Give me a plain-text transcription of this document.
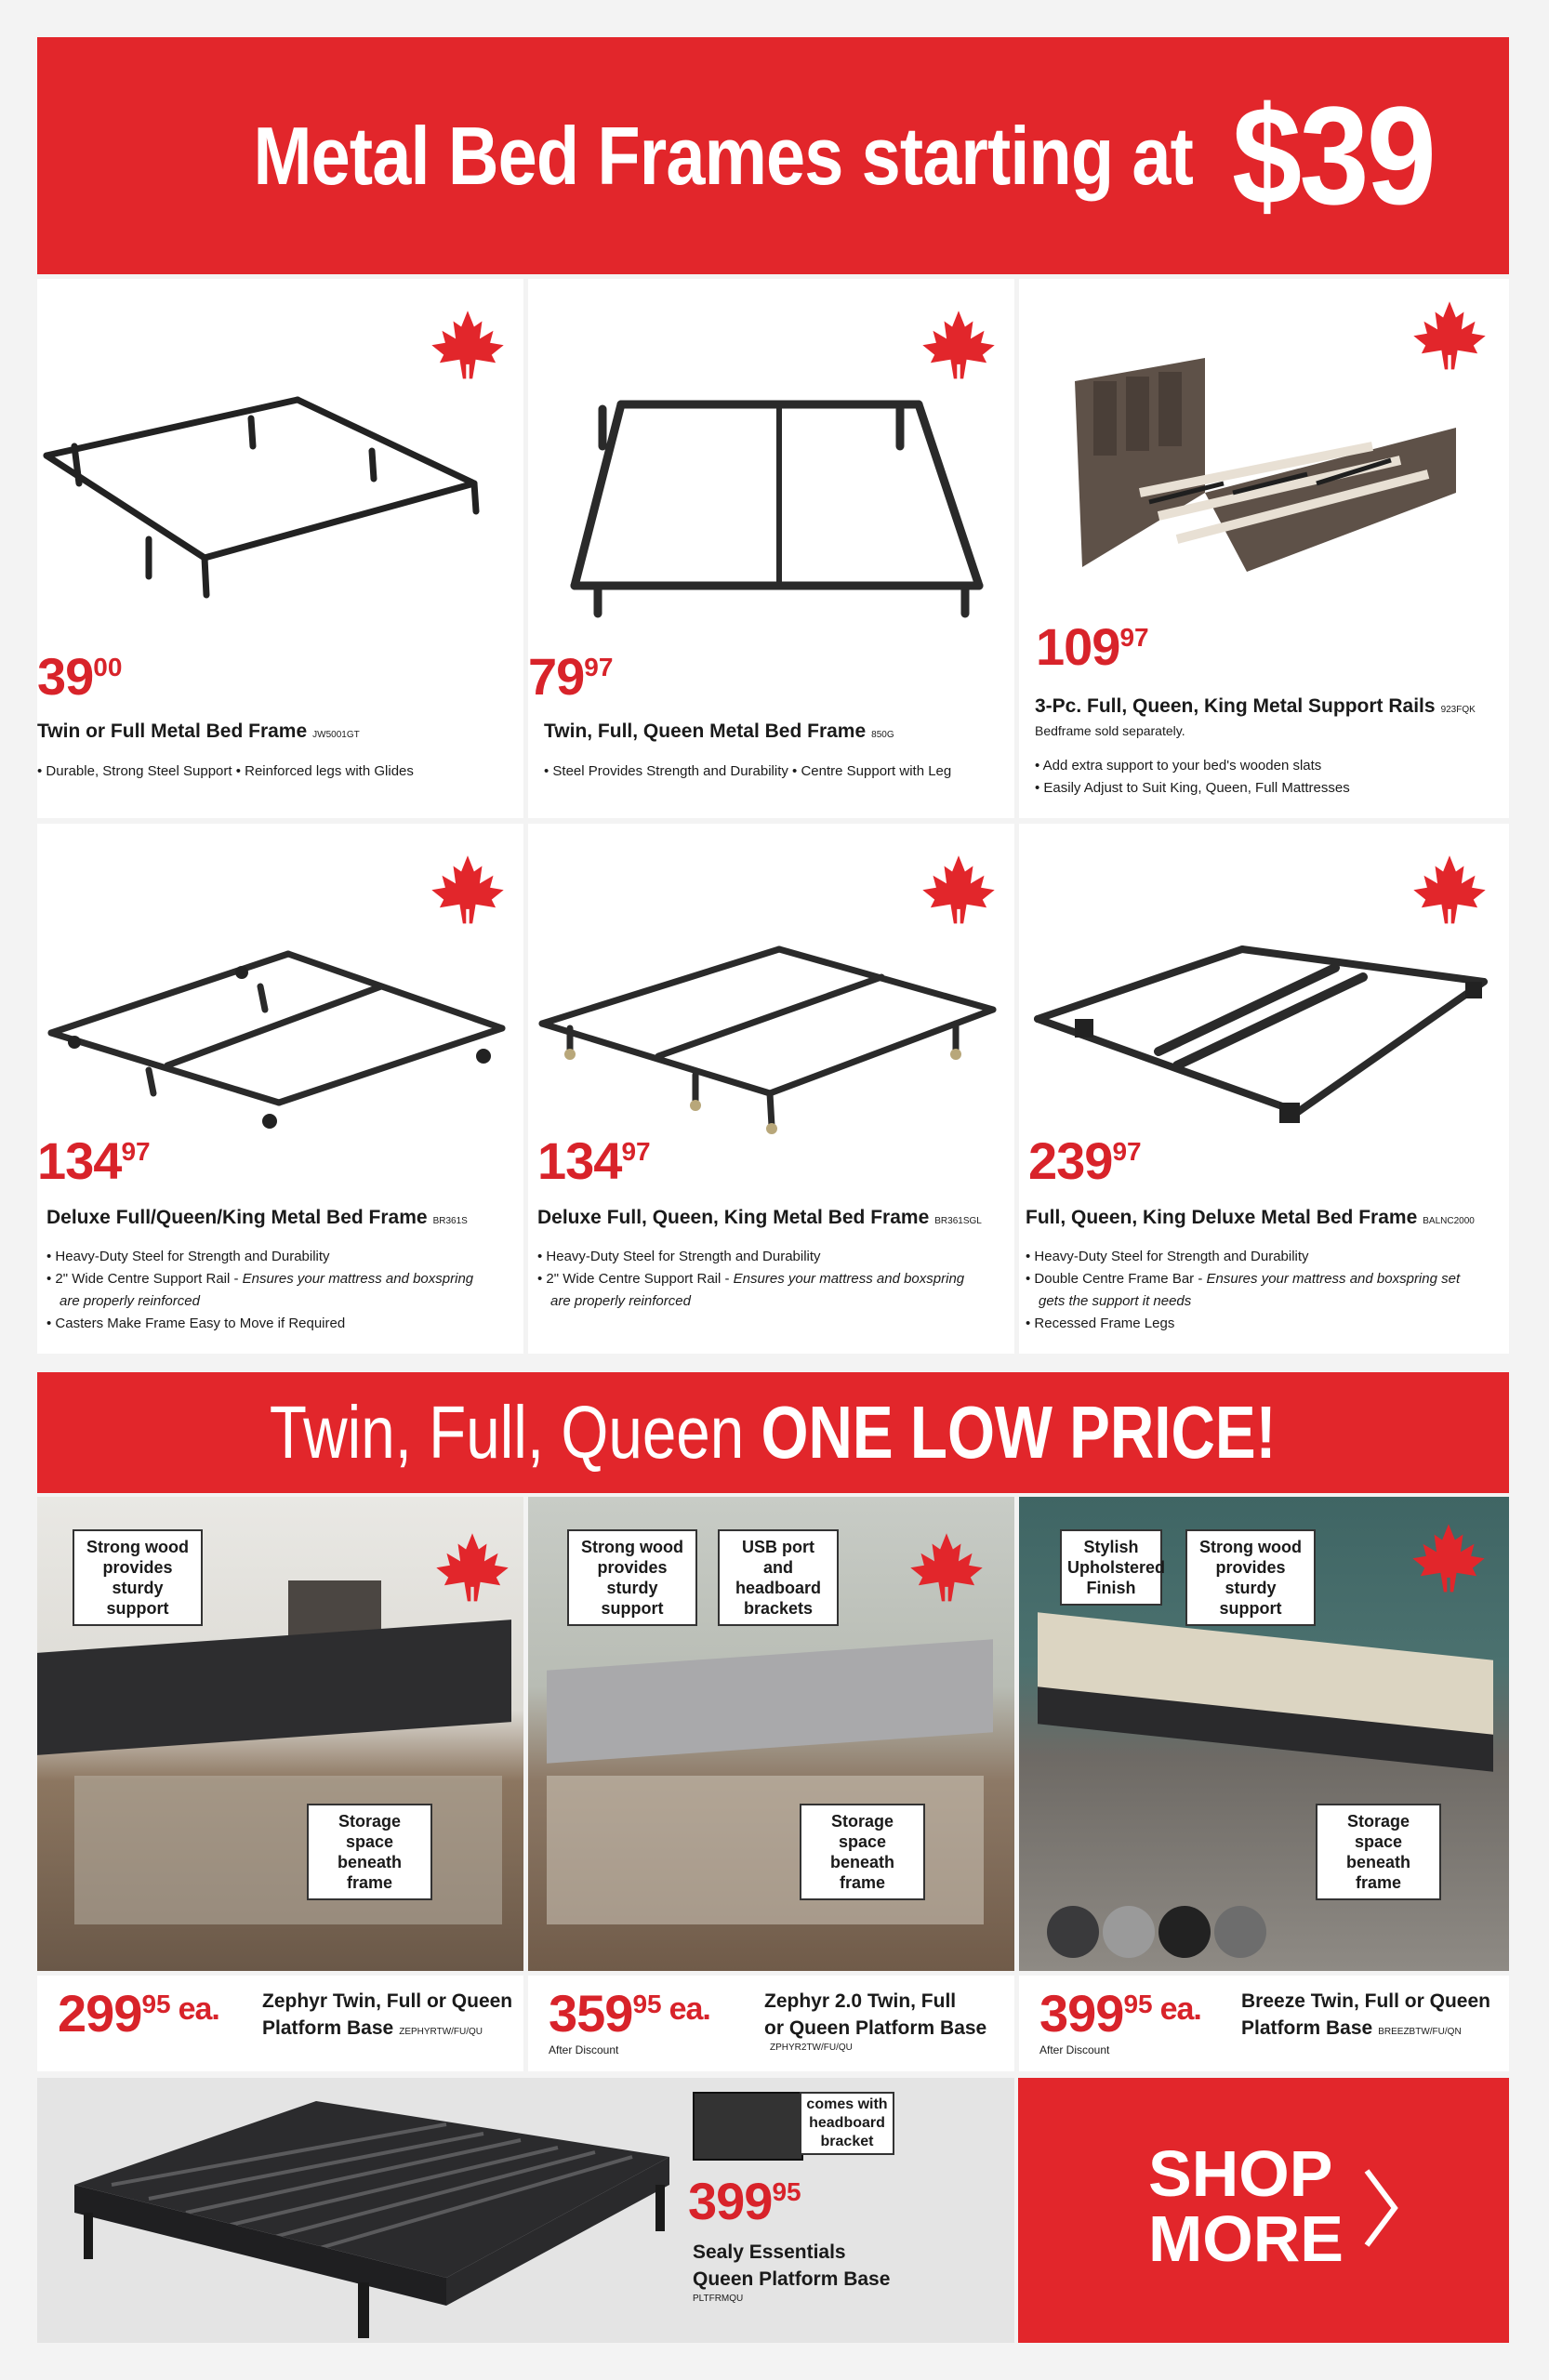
Metal Bed Frames starting at $39
$39^{00}$
Twin or Full Metal Bed Frame JW5001GT
• Durable, Strong Steel Support • Reinforced legs with Glides
$79^{97}$
Twin, Full, Queen Metal Bed Frame 850G
• Steel Provides Strength and Durability • Centre Support with Leg
$109^{97}$
3-Pc. Full, Queen, King Metal Support Rails 923FQK
Bedframe sold separately.
• Add extra support to your bed's wooden slats
• Easily Adjust to Suit King, Queen, Full Mattresses
$134^{97}$
Deluxe Full/Queen/King Metal Bed Frame BR361S
• Heavy-Duty Steel for Strength and Durability
• 2" Wide Centre Support Rail - Ensures your mattress and boxspring
are properly reinforced
• Casters Make Frame Easy to Move if Required
$134^{97}$
Deluxe Full, Queen, King Metal Bed Frame BR361SGL
• Heavy-Duty Steel for Strength and Durability
• 2" Wide Centre Support Rail - Ensures your mattress and boxspring
are properly reinforced
$239^{97}$
Full, Queen, King Deluxe Metal Bed Frame BALNC2000
• Heavy-Duty Steel for Strength and Durability
• Double Centre Frame Bar - Ensures your mattress and boxspring set
gets the support it needs
• Recessed Frame Legs
Twin, Full, Queen ONE LOW PRICE!
Strong wood provides sturdy support
Storage space beneath frame
Strong wood provides sturdy support
USB port and headboard brackets
Storage space beneath frame
Stylish Upholstered Finish
Strong wood provides sturdy support
Storage space beneath frame
$299^{95}$ $^{ea.}$ Zephyr Twin, Full or Queen
Platform Base ZEPHYRTW/FU/QU	$359^{95}$ $^{ea.}$
After Discount
Zephyr 2.0 Twin, Full
or Queen Platform Base
ZPHYR2TW/FU/QU
$399^{95}$ $^{ea.}$
After Discount
Breeze Twin, Full or Queen
Platform Base BREEZBTW/FU/QN
comes with headboard bracket
$399^{95}$
Sealy Essentials
Queen Platform Base
PLTFRMQU
SHOP
MORE
